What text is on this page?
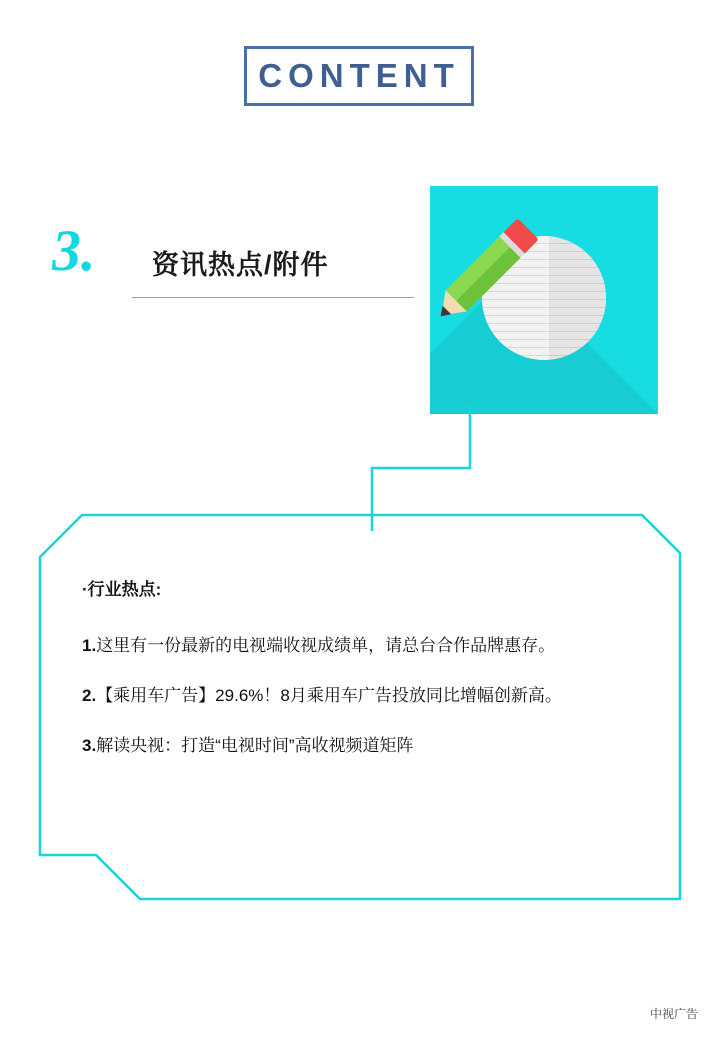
CONTENT
3. 资讯热点/附件

·行业热点:

1.这里有一份最新的电视端收视成绩单，请总台合作品牌惠存。

2.【乘用车广告】29.6%！8月乘用车广告投放同比增幅创新高。

3.解读央视：打造“电视时间”高收视频道矩阵

中视广告
